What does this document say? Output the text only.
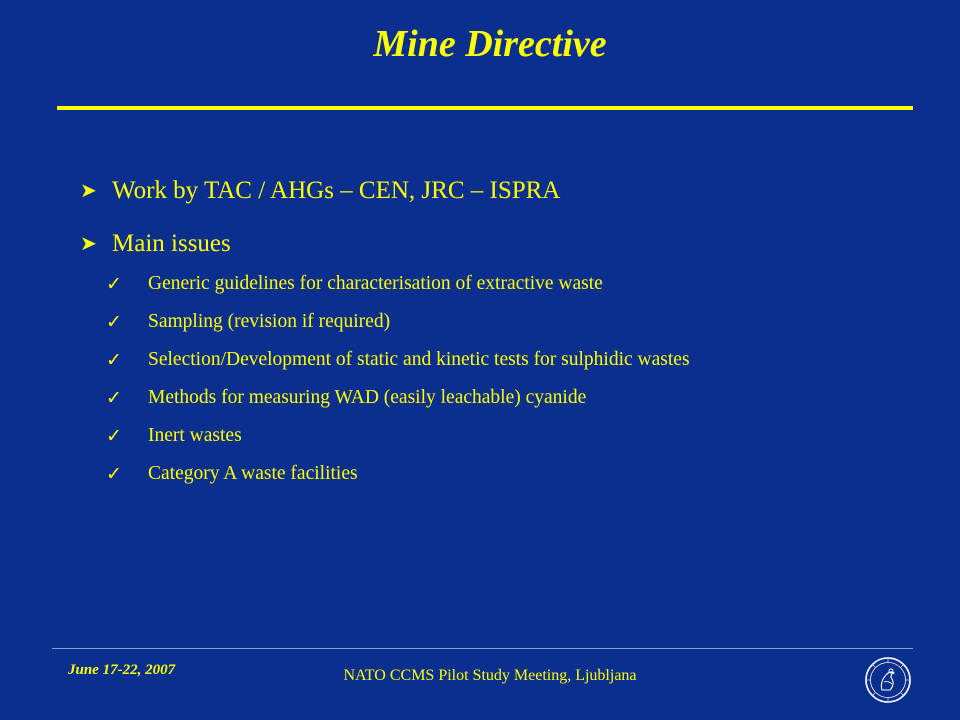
Mine Directive
➤ Work by TAC / AHGs – CEN, JRC – ISPRA
➤ Main issues
✓	Generic guidelines for characterisation of extractive waste
✓	Sampling (revision if required)
✓	Selection/Development of static and kinetic tests for sulphidic wastes
✓	Methods for measuring WAD (easily leachable) cyanide
✓	Inert wastes
✓	Category A waste facilities
June 17-22, 2007	NATO CCMS Pilot Study Meeting, Ljubljana
